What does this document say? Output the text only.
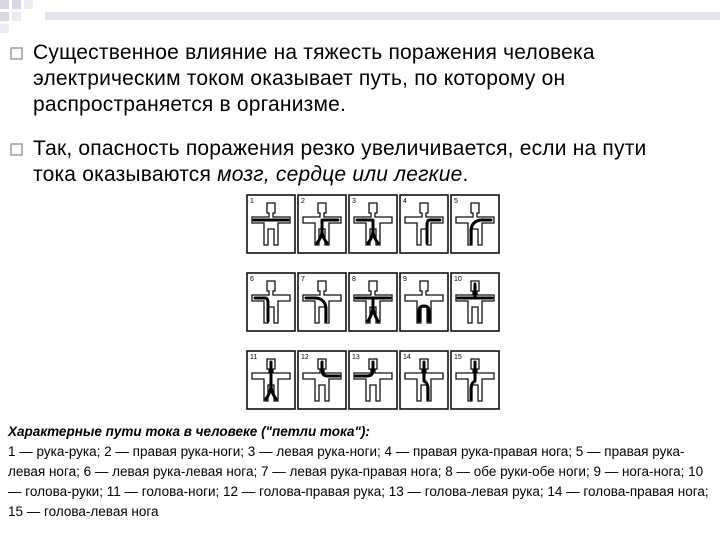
Существенное влияние на тяжесть поражения человека электрическим током оказывает путь, по которому он распространяется в организме.
Так, опасность поражения резко увеличивается, если на пути тока оказываются мозг, сердце или легкие.
1	2	3	4	5
6	7	8	9	10
11	12	13	14	15
Характерные пути тока в человеке ("петли тока"):
1 — рука-рука; 2 — правая рука-ноги; 3 — левая рука-ноги; 4 — правая рука-правая нога; 5 — правая рука-левая нога; 6 — левая рука-левая нога; 7 — левая рука-правая нога; 8 — обе руки-обе ноги; 9 — нога-нога; 10 — голова-руки; 11 — голова-ноги; 12 — голова-правая рука; 13 — голова-левая рука; 14 — голова-правая нога; 15 — голова-левая нога
